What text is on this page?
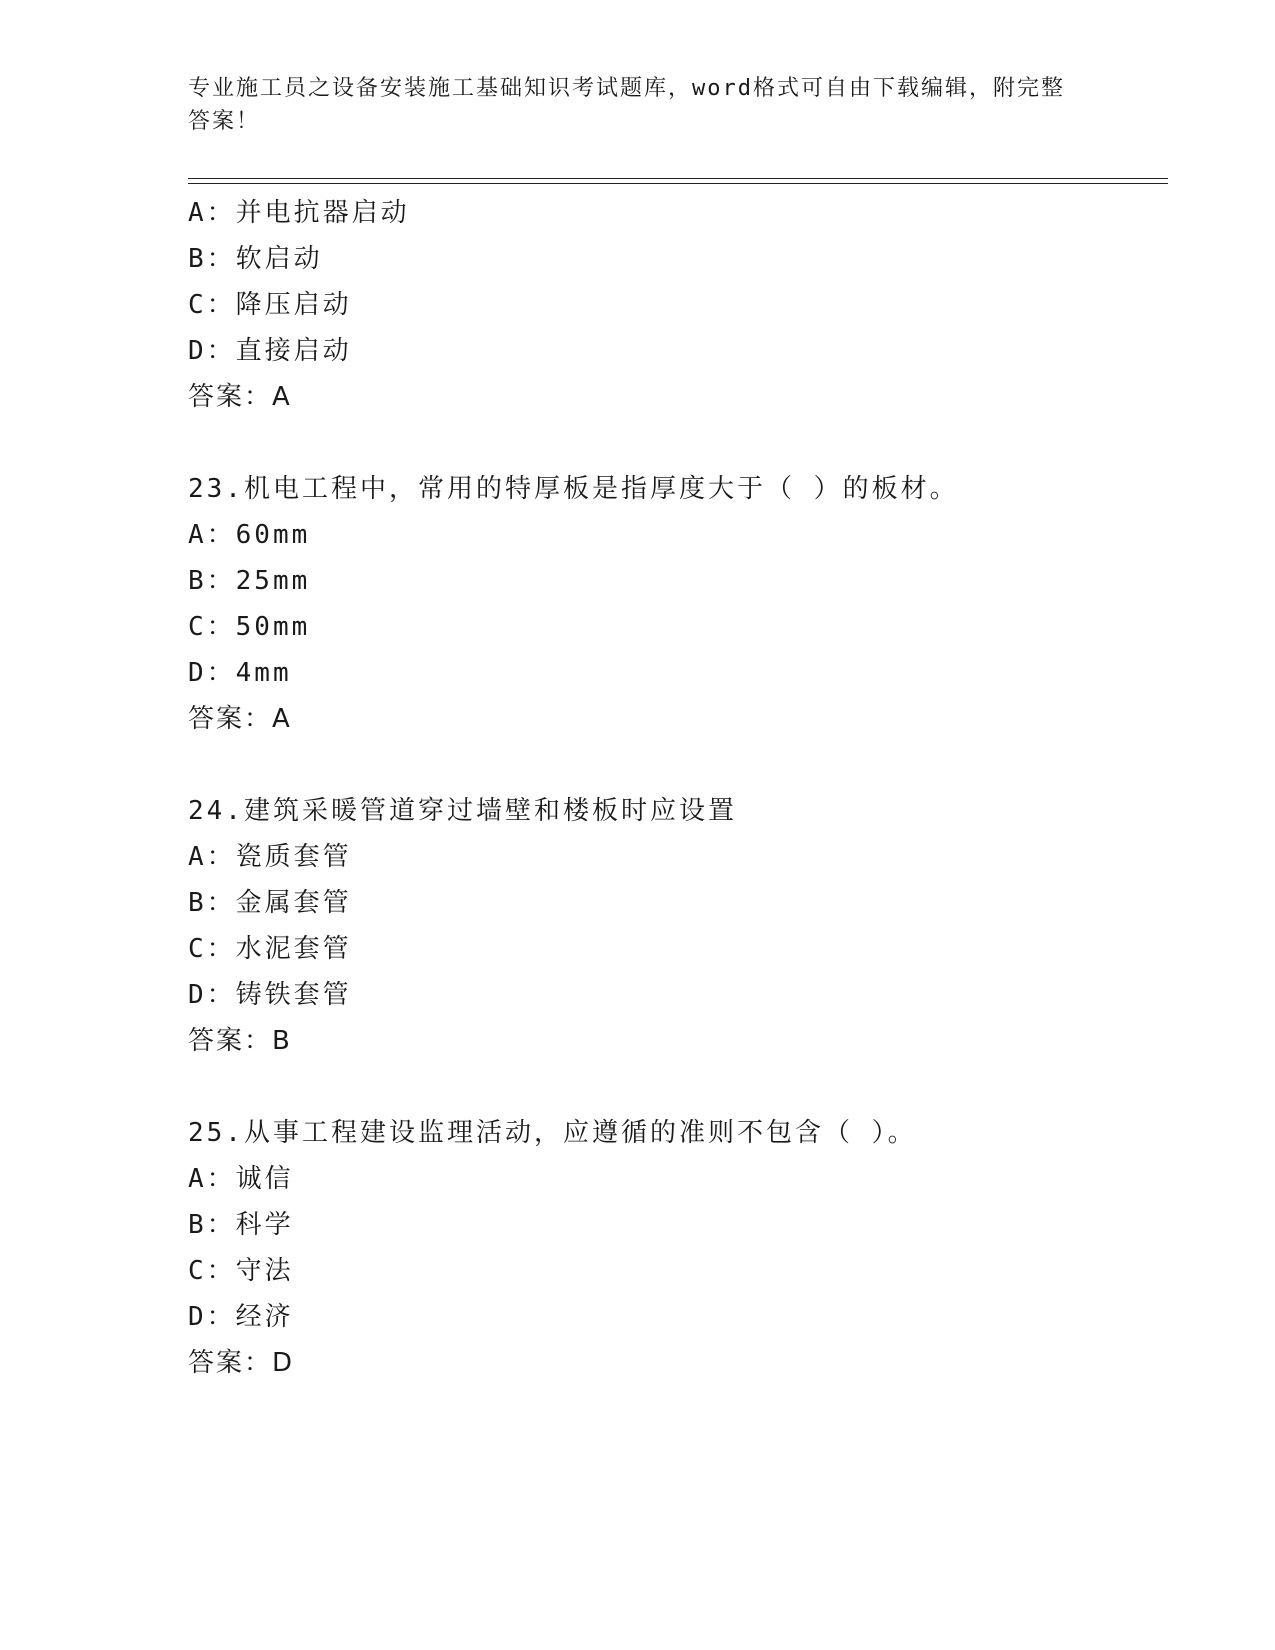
专业施工员之设备安装施工基础知识考试题库，word格式可自由下载编辑，附完整答案！
A：并电抗器启动
B：软启动
C：降压启动
D：直接启动
答案：A
23.机电工程中，常用的特厚板是指厚度大于（ ）的板材。
A：60mm
B：25mm
C：50mm
D：4mm
答案：A
24.建筑采暖管道穿过墙壁和楼板时应设置
A：瓷质套管
B：金属套管
C：水泥套管
D：铸铁套管
答案：B
25.从事工程建设监理活动，应遵循的准则不包含（ ）。
A：诚信
B：科学
C：守法
D：经济
答案：D
